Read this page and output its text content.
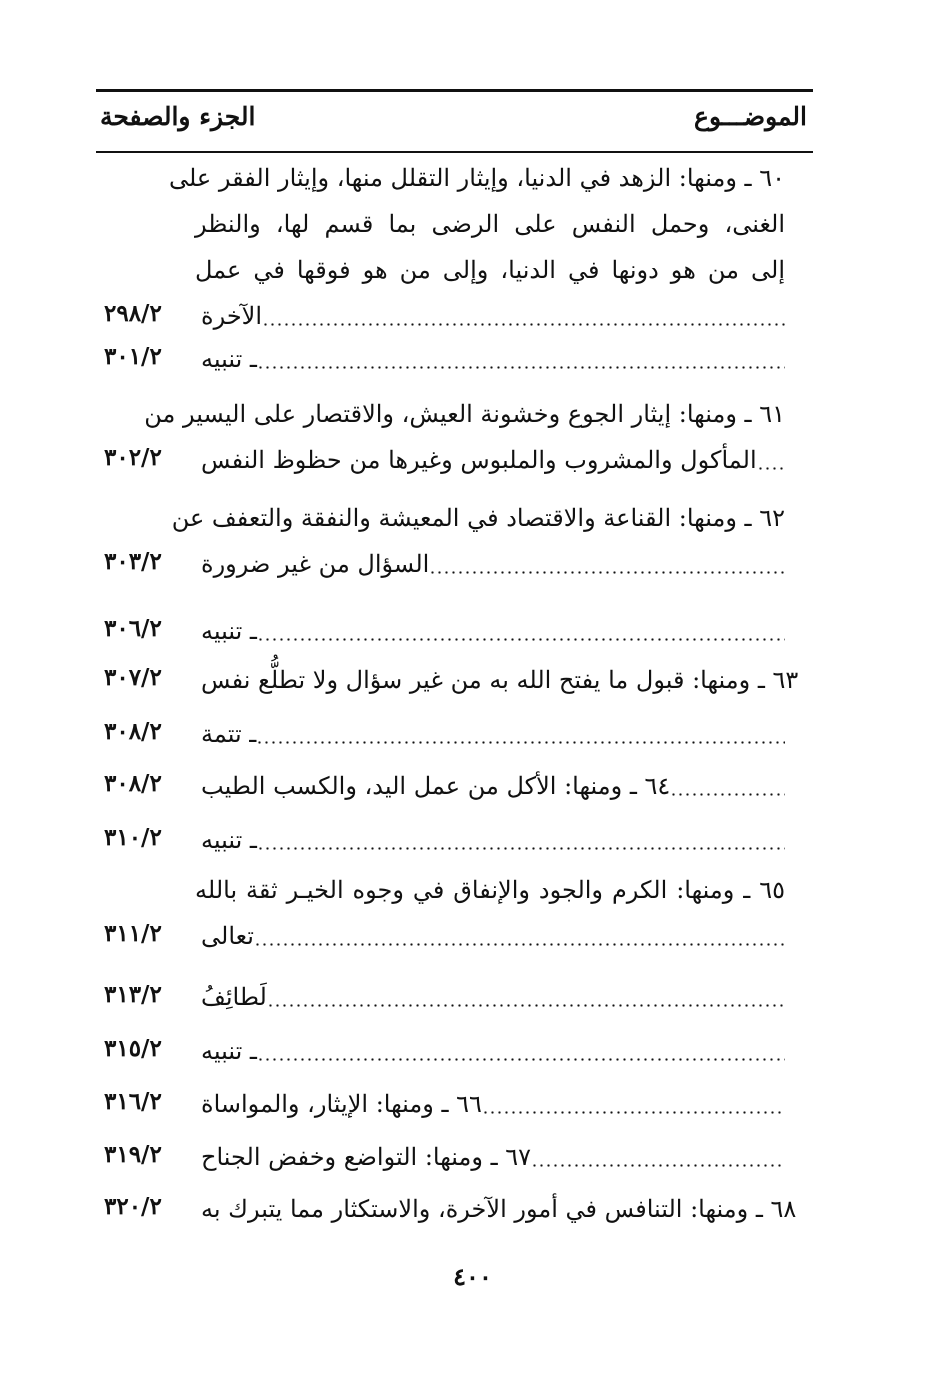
الموضـــوع
الجزء والصفحة
٦٠ ـ ومنها: الزهد في الدنيا، وإيثار التقلل منها، وإيثار الفقر على
الغنى، وحمل النفس على الرضى بما قسم لها، والنظر
إلى من هو دونها في الدنيا، وإلى من هو فوقها في عمل
الآخرة
٢٩٨/٢
ـ تنبيه
٣٠١/٢
٦١ ـ ومنها: إيثار الجوع وخشونة العيش، والاقتصار على اليسير من
المأكول والمشروب والملبوس وغيرها من حظوظ النفس
٣٠٢/٢
٦٢ ـ ومنها: القناعة والاقتصاد في المعيشة والنفقة والتعفف عن
السؤال من غير ضرورة
٣٠٣/٢
ـ تنبيه
٣٠٦/٢
٦٣ ـ ومنها: قبول ما يفتح الله به من غير سؤال ولا تطلُّع نفس
٣٠٧/٢
ـ تتمة
٣٠٨/٢
٦٤ ـ ومنها: الأكل من عمل اليد، والكسب الطيب
٣٠٨/٢
ـ تنبيه
٣١٠/٢
٦٥ ـ ومنها: الكرم والجود والإنفاق في وجوه الخيـر ثقة بالله
تعالى
٣١١/٢
لَطائِفُ
٣١٣/٢
ـ تنبيه
٣١٥/٢
٦٦ ـ ومنها: الإيثار، والمواساة
٣١٦/٢
٦٧ ـ ومنها: التواضع وخفض الجناح
٣١٩/٢
٦٨ ـ ومنها: التنافس في أمور الآخرة، والاستكثار مما يتبرك به
٣٢٠/٢
٤٠٠
